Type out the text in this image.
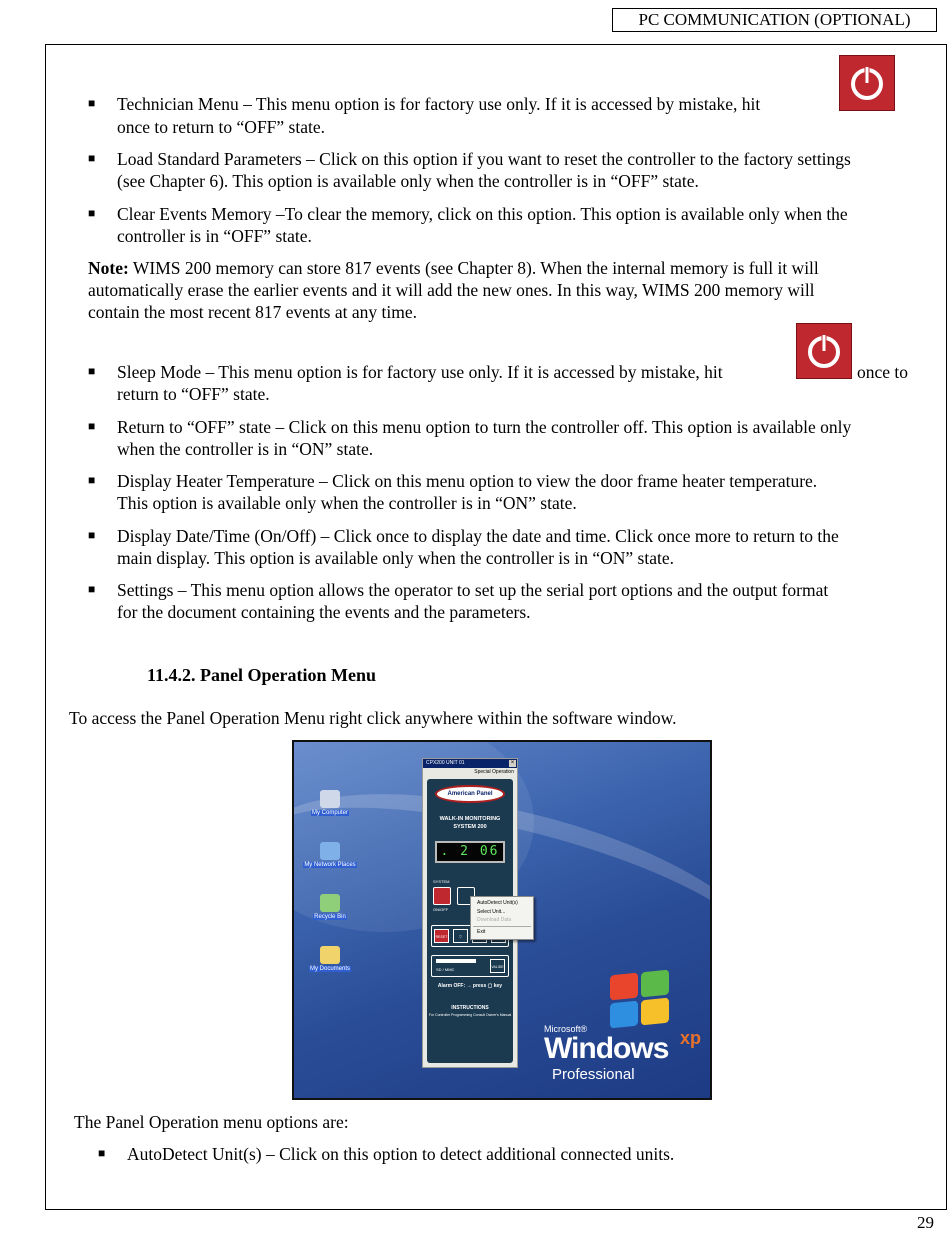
PC COMMUNICATION (OPTIONAL)
■ Technician Menu – This menu option is for factory use only. If it is accessed by mistake, hit
once to return to “OFF” state.
■ Load Standard Parameters – Click on this option if you want to reset the controller to the factory settings
(see Chapter 6). This option is available only when the controller is in “OFF” state.
■ Clear Events Memory –To clear the memory, click on this option. This option is available only when the
controller is in “OFF” state.
Note: WIMS 200 memory can store 817 events (see Chapter 8). When the internal memory is full it will
automatically erase the earlier events and it will add the new ones. In this way, WIMS 200 memory will
contain the most recent 817 events at any time.
■ Sleep Mode – This menu option is for factory use only. If it is accessed by mistake, hit	once to
return to “OFF” state.
■ Return to “OFF” state – Click on this menu option to turn the controller off. This option is available only
when the controller is in “ON” state.
■ Display Heater Temperature – Click on this menu option to view the door frame heater temperature.
This option is available only when the controller is in “ON” state.
■ Display Date/Time (On/Off) – Click once to display the date and time. Click once more to return to the
main display. This option is available only when the controller is in “ON” state.
■ Settings – This menu option allows the operator to set up the serial port options and the output format
for the document containing the events and the parameters.
11.4.2. Panel Operation Menu
To access the Panel Operation Menu right click anywhere within the software window.
My Computer
My Network Places
Recycle Bin
My Documents
CPX200 UNIT 01	×
Special Operation
American Panel
WALK-IN MONITORING
SYSTEM 200
. 2 06
SYSTEM
ON/OFF
RESET	▽
SD / MMC	VALIDE
Alarm OFF: → press ▢ key
INSTRUCTIONS
For Controller Programming Consult Owner's Manual
AutoDetect Unit(s)
Select Unit...
Download Data
Exit
Microsoft®
Windows xp
Professional
The Panel Operation menu options are:
■ AutoDetect Unit(s) – Click on this option to detect additional connected units.
29
